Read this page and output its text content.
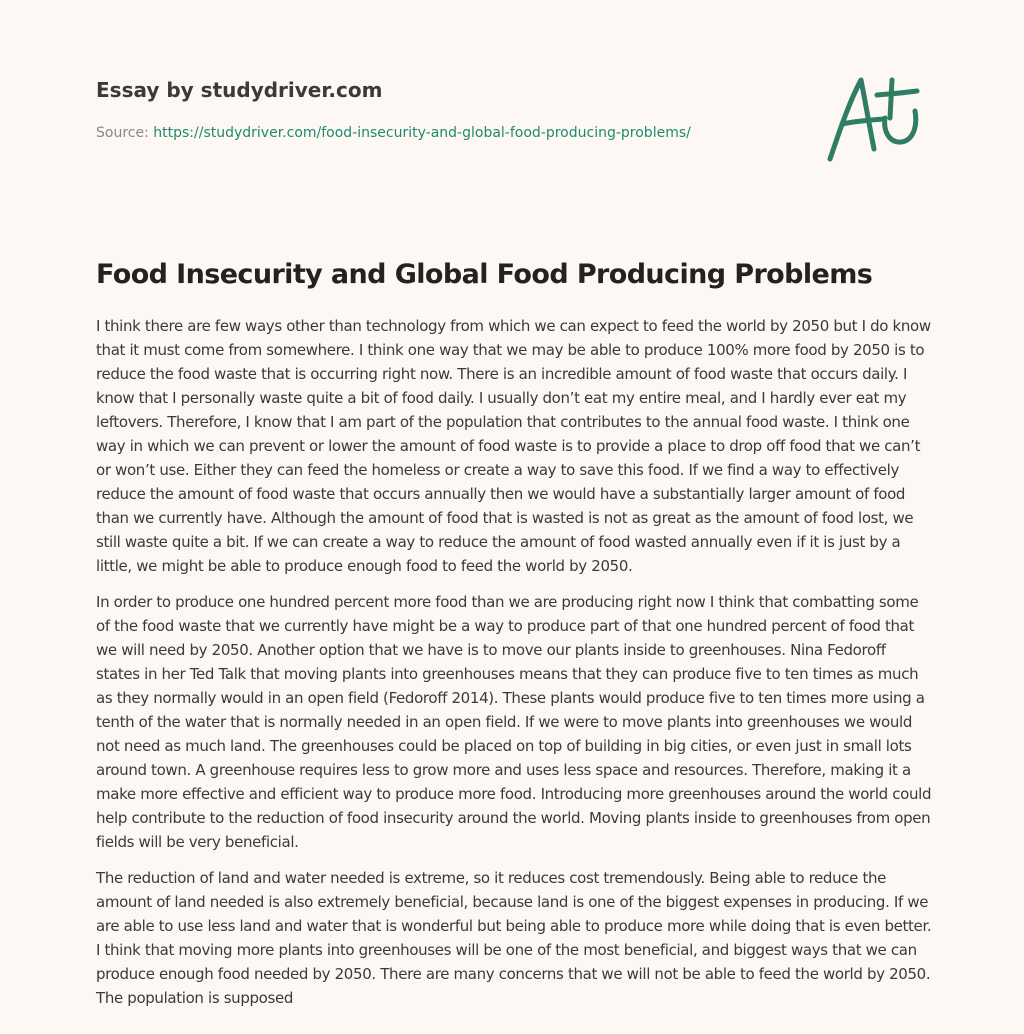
Essay by studydriver.com
Source: https://studydriver.com/food-insecurity-and-global-food-producing-problems/
Food Insecurity and Global Food Producing Problems

I think there are few ways other than technology from which we can expect to feed the world by 2050 but I do know that it must come from somewhere. I think one way that we may be able to produce 100% more food by 2050 is to reduce the food waste that is occurring right now. There is an incredible amount of food waste that occurs daily. I know that I personally waste quite a bit of food daily. I usually don’t eat my entire meal, and I hardly ever eat my leftovers. Therefore, I know that I am part of the population that contributes to the annual food waste. I think one way in which we can prevent or lower the amount of food waste is to provide a place to drop off food that we can’t or won’t use. Either they can feed the homeless or create a way to save this food. If we find a way to effectively reduce the amount of food waste that occurs annually then we would have a substantially larger amount of food than we currently have. Although the amount of food that is wasted is not as great as the amount of food lost, we still waste quite a bit. If we can create a way to reduce the amount of food wasted annually even if it is just by a little, we might be able to produce enough food to feed the world by 2050.

In order to produce one hundred percent more food than we are producing right now I think that combatting some of the food waste that we currently have might be a way to produce part of that one hundred percent of food that we will need by 2050. Another option that we have is to move our plants inside to greenhouses. Nina Fedoroff states in her Ted Talk that moving plants into greenhouses means that they can produce five to ten times as much as they normally would in an open field (Fedoroff 2014). These plants would produce five to ten times more using a tenth of the water that is normally needed in an open field. If we were to move plants into greenhouses we would not need as much land. The greenhouses could be placed on top of building in big cities, or even just in small lots around town. A greenhouse requires less to grow more and uses less space and resources. Therefore, making it a make more effective and efficient way to produce more food. Introducing more greenhouses around the world could help contribute to the reduction of food insecurity around the world. Moving plants inside to greenhouses from open fields will be very beneficial.

The reduction of land and water needed is extreme, so it reduces cost tremendously. Being able to reduce the amount of land needed is also extremely beneficial, because land is one of the biggest expenses in producing. If we are able to use less land and water that is wonderful but being able to produce more while doing that is even better. I think that moving more plants into greenhouses will be one of the most beneficial, and biggest ways that we can produce enough food needed by 2050. There are many concerns that we will not be able to feed the world by 2050. The population is supposed
